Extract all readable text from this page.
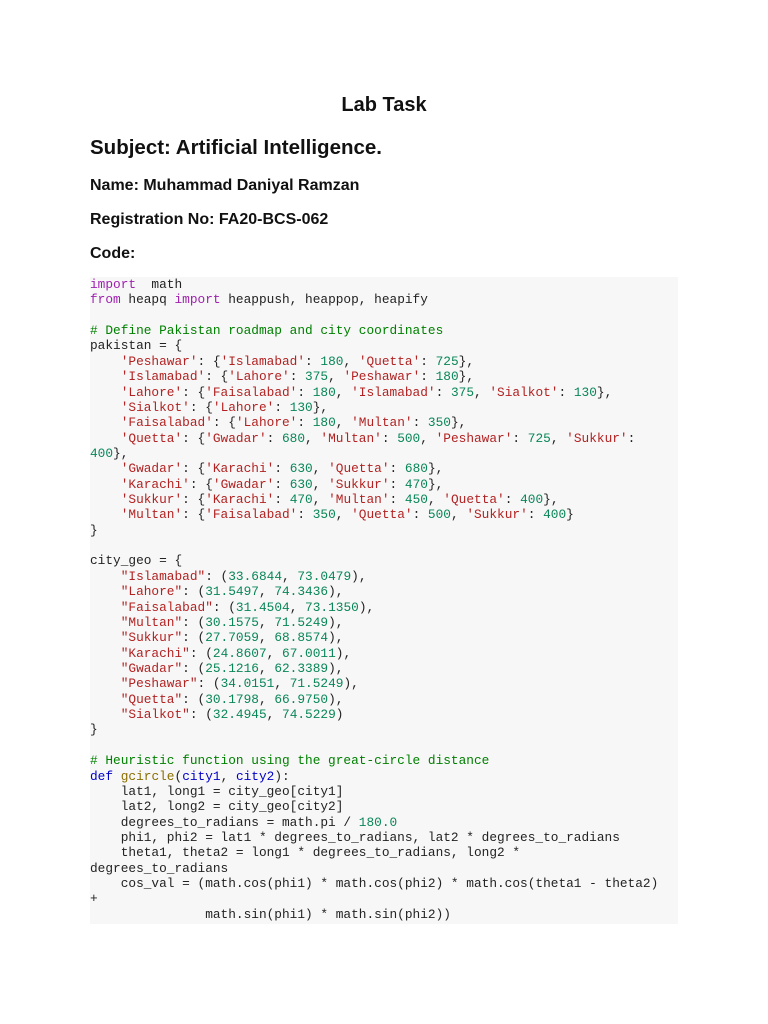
Lab Task
Subject: Artificial Intelligence.
Name: Muhammad Daniyal Ramzan
Registration No: FA20-BCS-062
Code:
import  math
from heapq import heappush, heappop, heapify

# Define Pakistan roadmap and city coordinates
pakistan = {
'Peshawar': {'Islamabad': 180, 'Quetta': 725},
'Islamabad': {'Lahore': 375, 'Peshawar': 180},
'Lahore': {'Faisalabad': 180, 'Islamabad': 375, 'Sialkot': 130},
'Sialkot': {'Lahore': 130},
'Faisalabad': {'Lahore': 180, 'Multan': 350},
'Quetta': {'Gwadar': 680, 'Multan': 500, 'Peshawar': 725, 'Sukkur':
400},
'Gwadar': {'Karachi': 630, 'Quetta': 680},
'Karachi': {'Gwadar': 630, 'Sukkur': 470},
'Sukkur': {'Karachi': 470, 'Multan': 450, 'Quetta': 400},
'Multan': {'Faisalabad': 350, 'Quetta': 500, 'Sukkur': 400}
}

city_geo = {
"Islamabad": (33.6844, 73.0479),
"Lahore": (31.5497, 74.3436),
"Faisalabad": (31.4504, 73.1350),
"Multan": (30.1575, 71.5249),
"Sukkur": (27.7059, 68.8574),
"Karachi": (24.8607, 67.0011),
"Gwadar": (25.1216, 62.3389),
"Peshawar": (34.0151, 71.5249),
"Quetta": (30.1798, 66.9750),
"Sialkot": (32.4945, 74.5229)
}

# Heuristic function using the great-circle distance
def gcircle(city1, city2):
lat1, long1 = city_geo[city1]
lat2, long2 = city_geo[city2]
degrees_to_radians = math.pi / 180.0
phi1, phi2 = lat1 * degrees_to_radians, lat2 * degrees_to_radians
theta1, theta2 = long1 * degrees_to_radians, long2 *
degrees_to_radians
cos_val = (math.cos(phi1) * math.cos(phi2) * math.cos(theta1 - theta2)
+
math.sin(phi1) * math.sin(phi2))
